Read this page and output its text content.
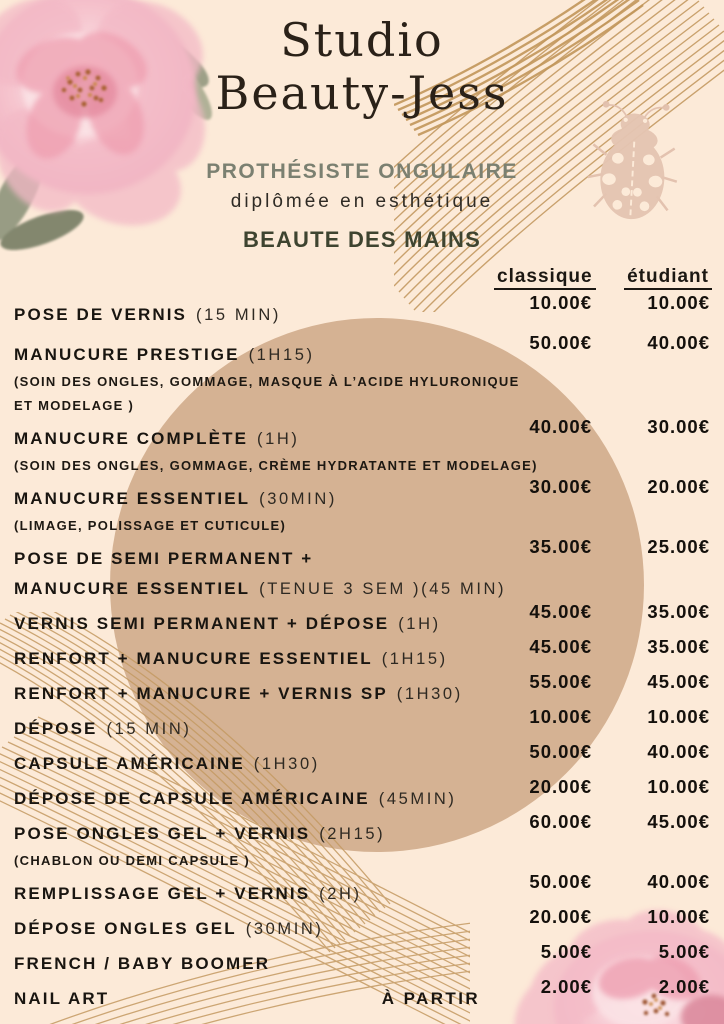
Studio
Beauty-Jess
PROTHÉSISTE ONGULAIRE
diplômée en esthétique
BEAUTE DES MAINS
classique	étudiant
POSE DE VERNIS (15 MIN)
10.00€	10.00€
MANUCURE PRESTIGE (1H15)
50.00€	40.00€
(SOIN DES ONGLES, GOMMAGE, MASQUE À L’ACIDE HYLURONIQUE
ET MODELAGE )
MANUCURE COMPLÈTE (1H)
40.00€	30.00€
(SOIN DES ONGLES, GOMMAGE, CRÈME HYDRATANTE ET MODELAGE)
MANUCURE ESSENTIEL (30MIN)
30.00€	20.00€
(LIMAGE, POLISSAGE ET CUTICULE)
POSE DE SEMI PERMANENT +
35.00€	25.00€
MANUCURE ESSENTIEL (TENUE 3 SEM )(45 MIN)
VERNIS SEMI PERMANENT + DÉPOSE (1H)
45.00€	35.00€
RENFORT + MANUCURE ESSENTIEL (1H15)
45.00€	35.00€
RENFORT + MANUCURE + VERNIS SP (1H30)
55.00€	45.00€
DÉPOSE (15 MIN)
10.00€	10.00€
CAPSULE AMÉRICAINE (1H30)
50.00€	40.00€
DÉPOSE DE CAPSULE AMÉRICAINE (45MIN)
20.00€	10.00€
POSE ONGLES GEL + VERNIS (2H15)
60.00€	45.00€
(CHABLON OU DEMI CAPSULE )
REMPLISSAGE GEL + VERNIS (2H)
50.00€	40.00€
DÉPOSE ONGLES GEL (30MIN)
20.00€	10.00€
FRENCH / BABY BOOMER
5.00€	5.00€
NAIL ART	À PARTIR
2.00€	2.00€
